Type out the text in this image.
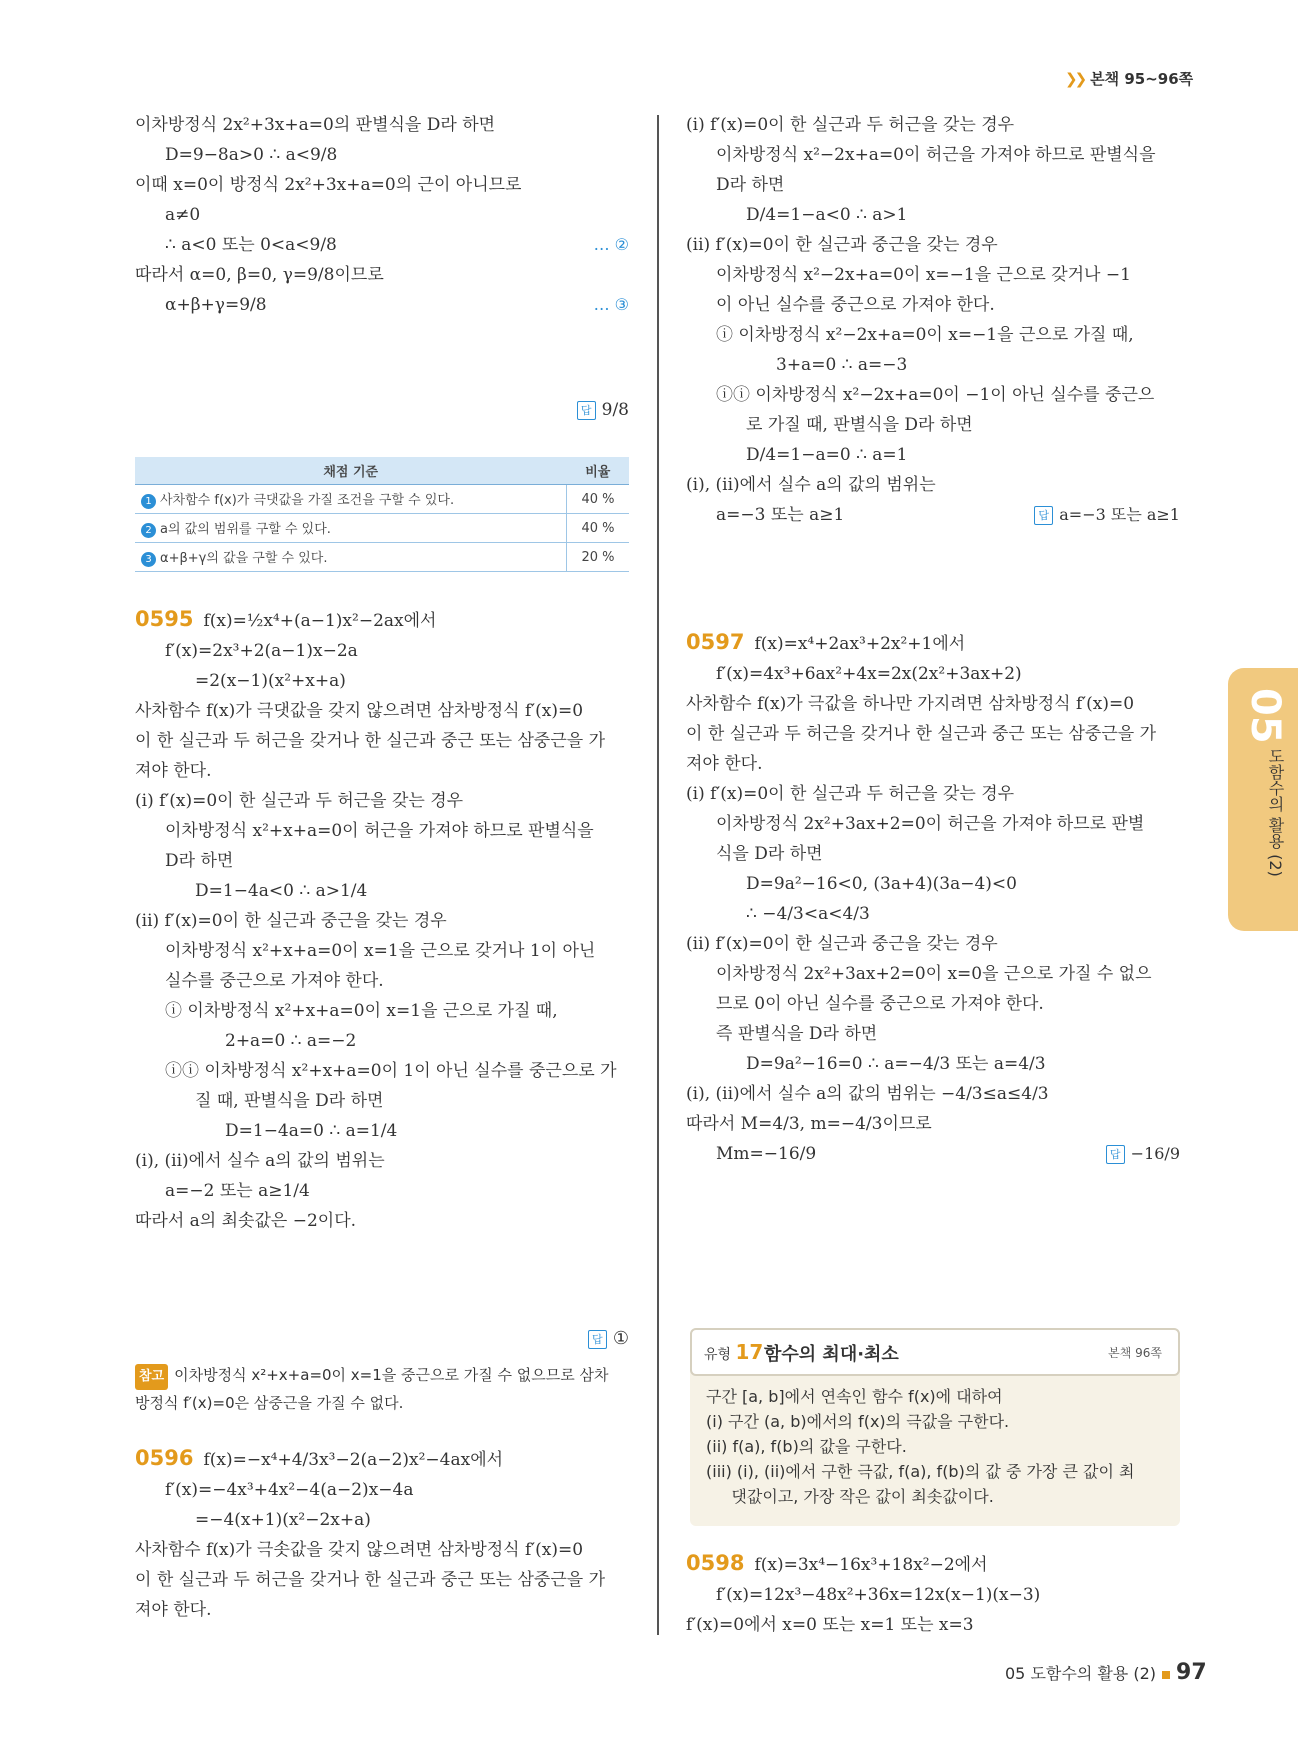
❯❯ 본책 95~96쪽
이차방정식 2x²+3x+a=0의 판별식을 D라 하면
D=9−8a>0 ∴ a<9/8
이때 x=0이 방정식 2x²+3x+a=0의 근이 아니므로
a≠0
∴ a<0 또는 0<a<9/8	… ②
따라서 α=0, β=0, γ=9/8이므로
α+β+γ=9/8	… ③
답 9/8
채점 기준	비율
1 사차함수 f(x)가 극댓값을 가질 조건을 구할 수 있다.	40 %
2 a의 값의 범위를 구할 수 있다.	40 %
3 α+β+γ의 값을 구할 수 있다.	20 %
0595 f(x)=½x⁴+(a−1)x²−2ax에서
f′(x)=2x³+2(a−1)x−2a
=2(x−1)(x²+x+a)
사차함수 f(x)가 극댓값을 갖지 않으려면 삼차방정식 f′(x)=0
이 한 실근과 두 허근을 갖거나 한 실근과 중근 또는 삼중근을 가
져야 한다.
(i) f′(x)=0이 한 실근과 두 허근을 갖는 경우
이차방정식 x²+x+a=0이 허근을 가져야 하므로 판별식을
D라 하면
D=1−4a<0 ∴ a>1/4
(ii) f′(x)=0이 한 실근과 중근을 갖는 경우
이차방정식 x²+x+a=0이 x=1을 근으로 갖거나 1이 아닌
실수를 중근으로 가져야 한다.
ⓘ 이차방정식 x²+x+a=0이 x=1을 근으로 가질 때,
2+a=0 ∴ a=−2
ⓘⓘ 이차방정식 x²+x+a=0이 1이 아닌 실수를 중근으로 가
질 때, 판별식을 D라 하면
D=1−4a=0 ∴ a=1/4
(i), (ii)에서 실수 a의 값의 범위는
a=−2 또는 a≥1/4
따라서 a의 최솟값은 −2이다.
답 ①
참고 이차방정식 x²+x+a=0이 x=1을 중근으로 가질 수 없으므로 삼차
방정식 f′(x)=0은 삼중근을 가질 수 없다.
0596 f(x)=−x⁴+4/3x³−2(a−2)x²−4ax에서
f′(x)=−4x³+4x²−4(a−2)x−4a
=−4(x+1)(x²−2x+a)
사차함수 f(x)가 극솟값을 갖지 않으려면 삼차방정식 f′(x)=0
이 한 실근과 두 허근을 갖거나 한 실근과 중근 또는 삼중근을 가
져야 한다.
(i) f′(x)=0이 한 실근과 두 허근을 갖는 경우
이차방정식 x²−2x+a=0이 허근을 가져야 하므로 판별식을
D라 하면
D/4=1−a<0 ∴ a>1
(ii) f′(x)=0이 한 실근과 중근을 갖는 경우
이차방정식 x²−2x+a=0이 x=−1을 근으로 갖거나 −1
이 아닌 실수를 중근으로 가져야 한다.
ⓘ 이차방정식 x²−2x+a=0이 x=−1을 근으로 가질 때,
3+a=0 ∴ a=−3
ⓘⓘ 이차방정식 x²−2x+a=0이 −1이 아닌 실수를 중근으
로 가질 때, 판별식을 D라 하면
D/4=1−a=0 ∴ a=1
(i), (ii)에서 실수 a의 값의 범위는
a=−3 또는 a≥1	답 a=−3 또는 a≥1
0597 f(x)=x⁴+2ax³+2x²+1에서
f′(x)=4x³+6ax²+4x=2x(2x²+3ax+2)
사차함수 f(x)가 극값을 하나만 가지려면 삼차방정식 f′(x)=0
이 한 실근과 두 허근을 갖거나 한 실근과 중근 또는 삼중근을 가
져야 한다.
(i) f′(x)=0이 한 실근과 두 허근을 갖는 경우
이차방정식 2x²+3ax+2=0이 허근을 가져야 하므로 판별
식을 D라 하면
D=9a²−16<0, (3a+4)(3a−4)<0
∴ −4/3<a<4/3
(ii) f′(x)=0이 한 실근과 중근을 갖는 경우
이차방정식 2x²+3ax+2=0이 x=0을 근으로 가질 수 없으
므로 0이 아닌 실수를 중근으로 가져야 한다.
즉 판별식을 D라 하면
D=9a²−16=0 ∴ a=−4/3 또는 a=4/3
(i), (ii)에서 실수 a의 값의 범위는 −4/3≤a≤4/3
따라서 M=4/3, m=−4/3이므로
Mm=−16/9	답 −16/9
유형 17 함수의 최대·최소	본책 96쪽
구간 [a, b]에서 연속인 함수 f(x)에 대하여
(i) 구간 (a, b)에서의 f(x)의 극값을 구한다.
(ii) f(a), f(b)의 값을 구한다.
(iii) (i), (ii)에서 구한 극값, f(a), f(b)의 값 중 가장 큰 값이 최
댓값이고, 가장 작은 값이 최솟값이다.
0598 f(x)=3x⁴−16x³+18x²−2에서
f′(x)=12x³−48x²+36x=12x(x−1)(x−3)
f′(x)=0에서 x=0 또는 x=1 또는 x=3
05
도함수의 활용 (2)
05 도함수의 활용 (2) 97
